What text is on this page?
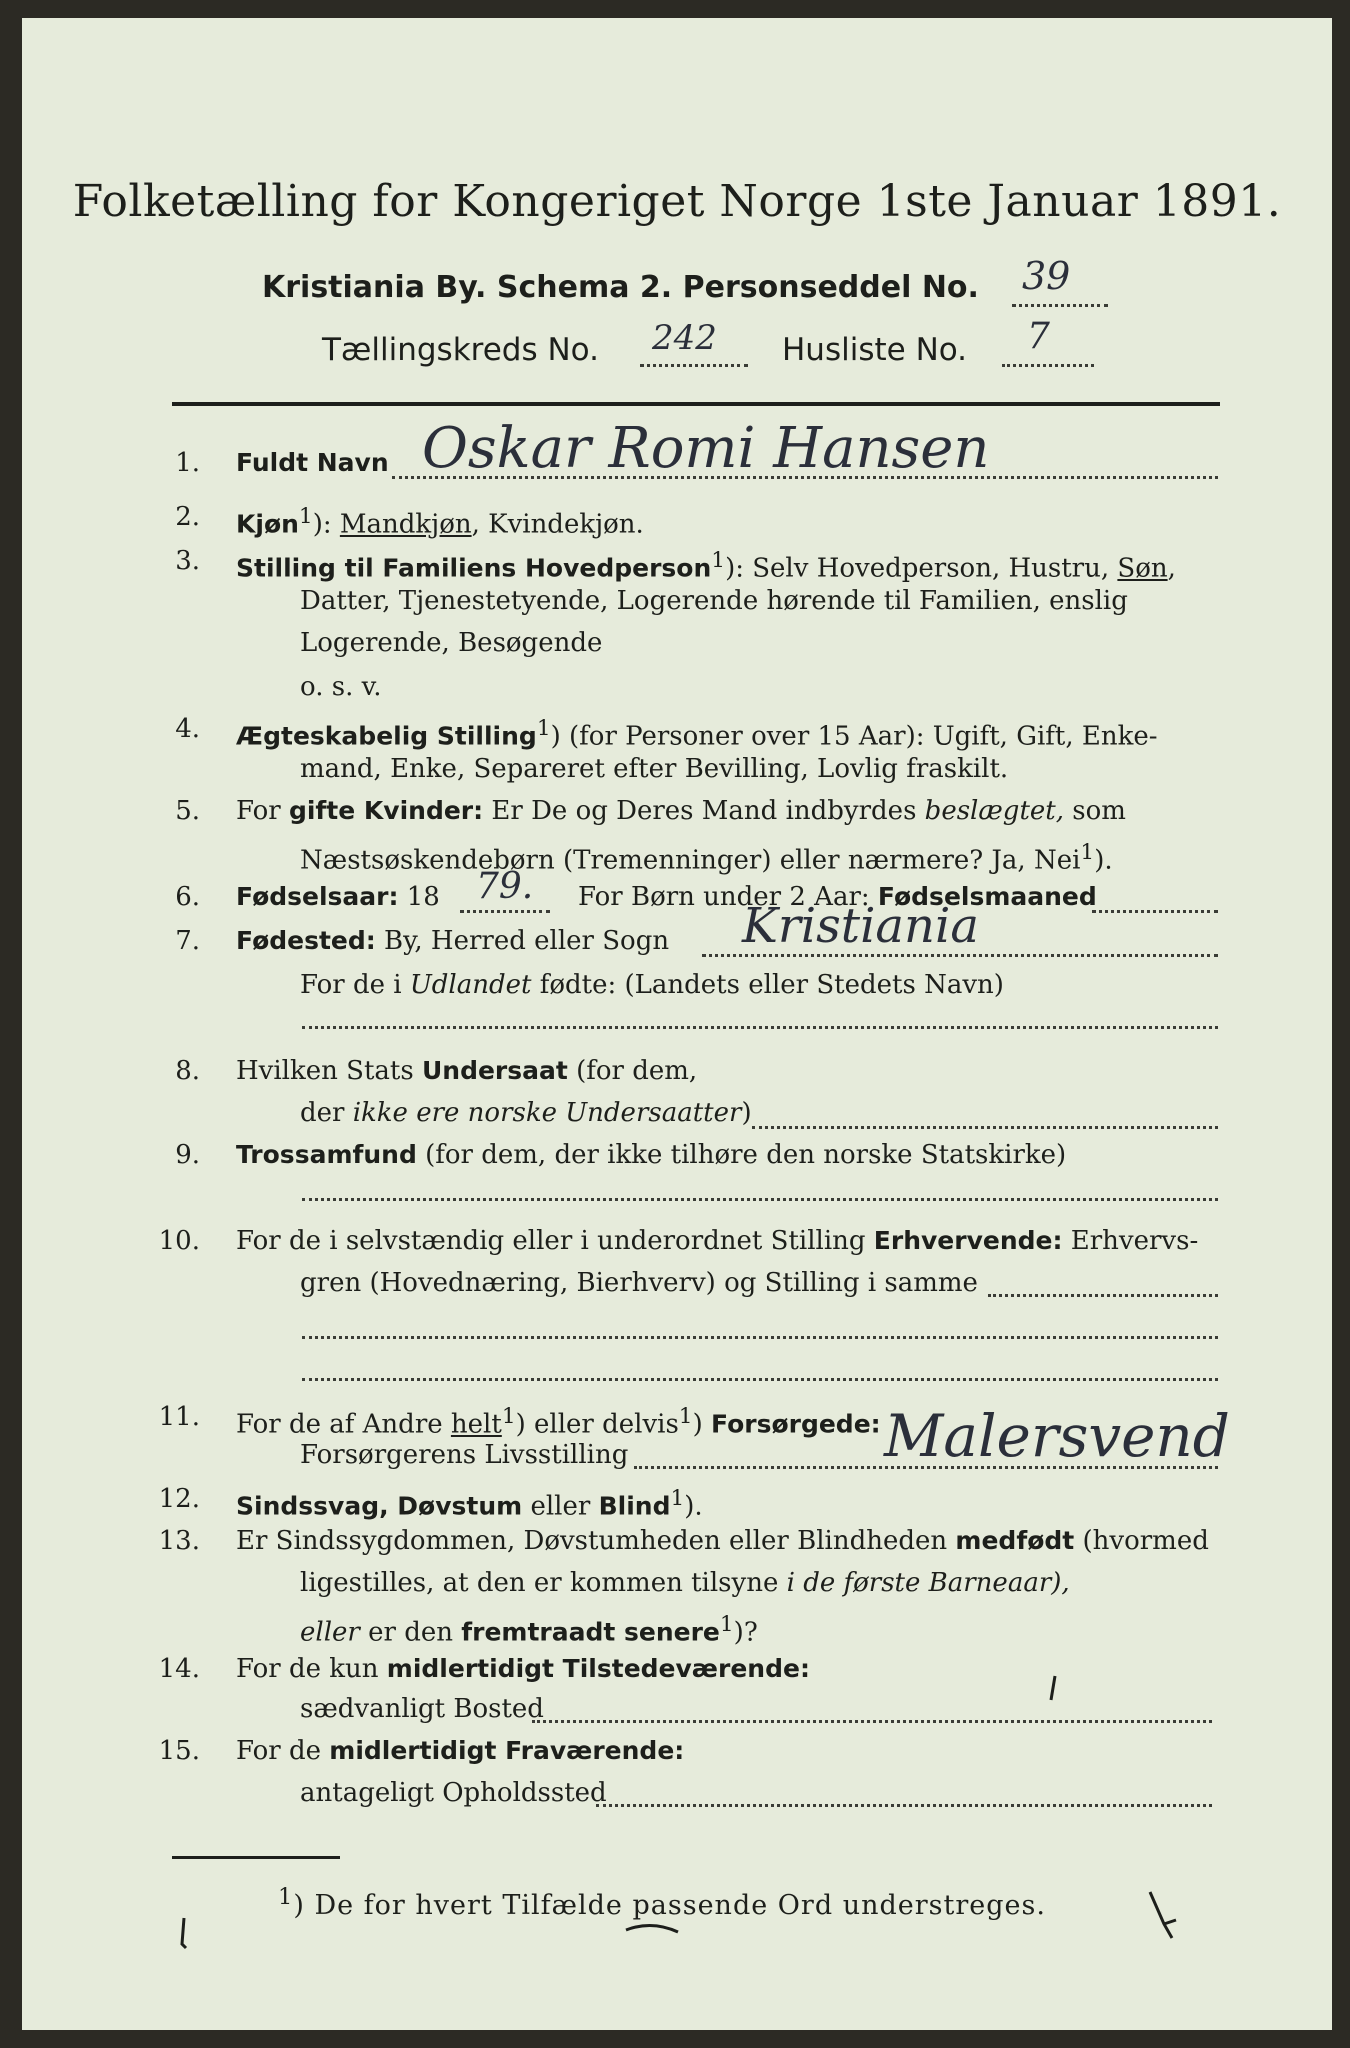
Folketælling for Kongeriget Norge 1ste Januar 1891.
Kristiania By. Schema 2. Personseddel No. 39
Tællingskreds No. 242 Husliste No. 7
1. Fuldt Navn Oskar Romi Hansen
2. Kjøn$^1$): Mandkjøn, Kvindekjøn.
3. Stilling til Familiens Hovedperson$^1$): Selv Hovedperson, Hustru, Søn,
Datter, Tjenestetyende, Logerende hørende til Familien, enslig
Logerende, Besøgende
o. s. v.
4. Ægteskabelig Stilling$^1$) (for Personer over 15 Aar): Ugift, Gift, Enke-
mand, Enke, Separeret efter Bevilling, Lovlig fraskilt.
5. For gifte Kvinder: Er De og Deres Mand indbyrdes beslægtet, som
Næstsøskendebørn (Tremenninger) eller nærmere? Ja, Nei$^1$).
6. Fødselsaar: 18 79. For Børn under 2 Aar: Fødselsmaaned
7. Fødested: By, Herred eller Sogn Kristiania
For de i Udlandet fødte: (Landets eller Stedets Navn)
8. Hvilken Stats Undersaat (for dem,
der ikke ere norske Undersaatter)
9. Trossamfund (for dem, der ikke tilhøre den norske Statskirke)
10. For de i selvstændig eller i underordnet Stilling Erhvervende: Erhvervs-
gren (Hovednæring, Bierhverv) og Stilling i samme
11. For de af Andre helt$^1$) eller delvis$^1$) Forsørgede:
Forsørgerens Livsstilling	Malersvend
12. Sindssvag, Døvstum eller Blind$^1$).
13. Er Sindssygdommen, Døvstumheden eller Blindheden medfødt (hvormed
ligestilles, at den er kommen tilsyne i de første Barneaar),
eller er den fremtraadt senere$^1$)?
14. For de kun midlertidigt Tilstedeværende:
sædvanligt Bosted
15. For de midlertidigt Fraværende:
antageligt Opholdssted
$^1$) De for hvert Tilfælde passende Ord understreges.
